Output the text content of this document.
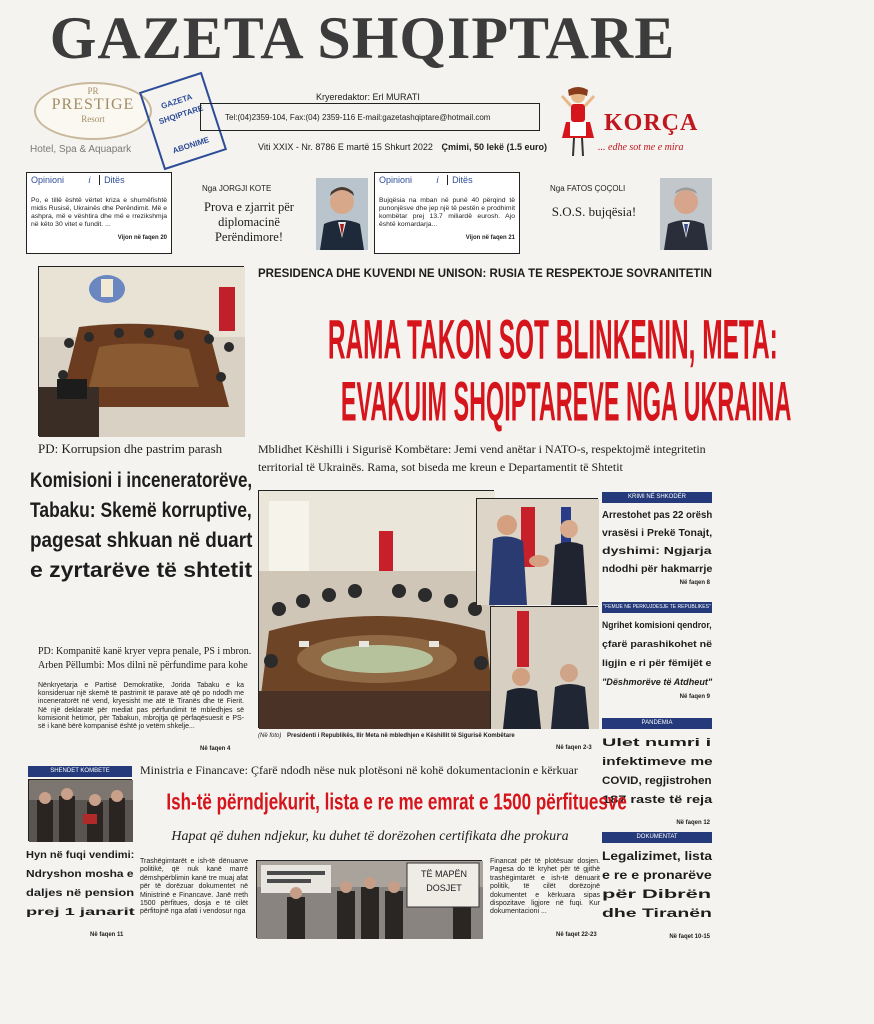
GAZETA SHQIPTARE
PR
PRESTIGE
Resort
Hotel, Spa & Aquapark
GAZETA SHQIPTARE
ABONIME
Kryeredaktor: Erl MURATI
Tel:(04)2359-104, Fax:(04) 2359-116 E-mail:gazetashqiptare@hotmail.com
Viti XXIX - Nr. 8786 E martë 15 Shkurt 2022 Çmimi, 50 lekë (1.5 euro)
KORÇA
... edhe sot me e mira
Opinioni	i Ditës
Po, e tillë është vërtet kriza e shumëfishtë midis Rusisë, Ukrainës dhe Perëndimit. Më e ashpra, më e vështira dhe më e rrezikshmja në këto 30 vitet e fundit. ...
Vijon në faqen 20
Nga JORGJI KOTE
Prova e zjarrit për diplomacinë Perëndimore!
Opinioni	i Ditës
Bujqësia na mban në punë 40 përqind të punonjësve dhe jep një të pestën e prodhimit kombëtar prej 13.7 miliardë eurosh. Ajo është komardarja...
Vijon në faqen 21
Nga FATOS ÇOÇOLI
S.O.S. bujqësia!
PD: Korrupsion dhe pastrim parash
Komisioni i inceneratorëve,
Tabaku: Skemë korruptive,
pagesat shkuan në duart
e zyrtarëve të shtetit
PD: Kompanitë kanë kryer vepra penale, PS i mbron.
Arben Pëllumbi: Mos dilni në përfundime para kohe
Nënkryetarja e Partisë Demokratike, Jorida Tabaku e ka konsideruar një skemë të pastrimit të parave atë që po ndodh me inceneratorët në vend, kryesisht me atë të Tiranës dhe të Fierit. Në një deklaratë për mediat pas përfundimit të mbledhjes së komisionit hetimor, për Tabakun, mbrojtja që përfaqësuesit e PS-së i kanë bërë kompanisë është jo vetëm shkelje...
Në faqen 4
PRESIDENCA DHE KUVENDI NE UNISON: RUSIA TE RESPEKTOJE SOVRANITETIN
RAMA TAKON SOT BLINKENIN, META:
EVAKUIM SHQIPTAREVE NGA UKRAINA
Mblidhet Këshilli i Sigurisë Kombëtare: Jemi vend anëtar i NATO-s, respektojmë integritetin territorial të Ukrainës. Rama, sot biseda me kreun e Departamentit të Shtetit
(Në foto) Presidenti i Republikës, Ilir Meta në mbledhjen e Këshillit të Sigurisë Kombëtare
Në faqen 2-3
KRIMI NË SHKODËR
Arrestohet pas 22 orësh
vrasësi i Prekë Tonajt,
dyshimi: Ngjarja
ndodhi për hakmarrje
Në faqen 8
"FEMIJE NE PERKUJDESJE TE REPUBLIKES"
Ngrihet komisioni qendror,
çfarë parashikohet në
ligjin e ri për fëmijët e
"Dëshmorëve të Atdheut"
Në faqen 9
PANDEMIA
Ulet numri i
infektimeve me
COVID, regjistrohen
187 raste të reja
Në faqen 12
DOKUMENTAT
Legalizimet, lista
e re e pronarëve
për Dibrën
dhe Tiranën
Në faqet 10-15
SHENDET KOMBETE
Hyn në fuqi vendimi:
Ndryshon mosha e
daljes në pension
prej 1 janarit
Në faqen 11
Ministria e Financave: Çfarë ndodh nëse nuk plotësoni në kohë dokumentacionin e kërkuar
Ish-të përndjekurit, lista e re me emrat e 1500 përfituesve
Hapat që duhen ndjekur, ku duhet të dorëzohen certifikata dhe prokura
Trashëgimtarët e ish-të dënuarve politikë, që nuk kanë marrë dëmshpërblimin kanë tre muaj afat për të dorëzuar dokumentet në Ministrinë e Financave. Janë rreth 1500 përfitues, dosja e të cilët përfitojnë nga afati i vendosur nga
TË MAPËN
DOSJET
Financat për të plotësuar dosjen. Pagesa do të kryhet për të gjithë trashëgimtarët e ish-të dënuarit politik, të cilët dorëzojnë dokumentet e kërkuara sipas dispozitave ligjore në fuqi. Kur dokumentacioni ...
Në faqet 22-23
